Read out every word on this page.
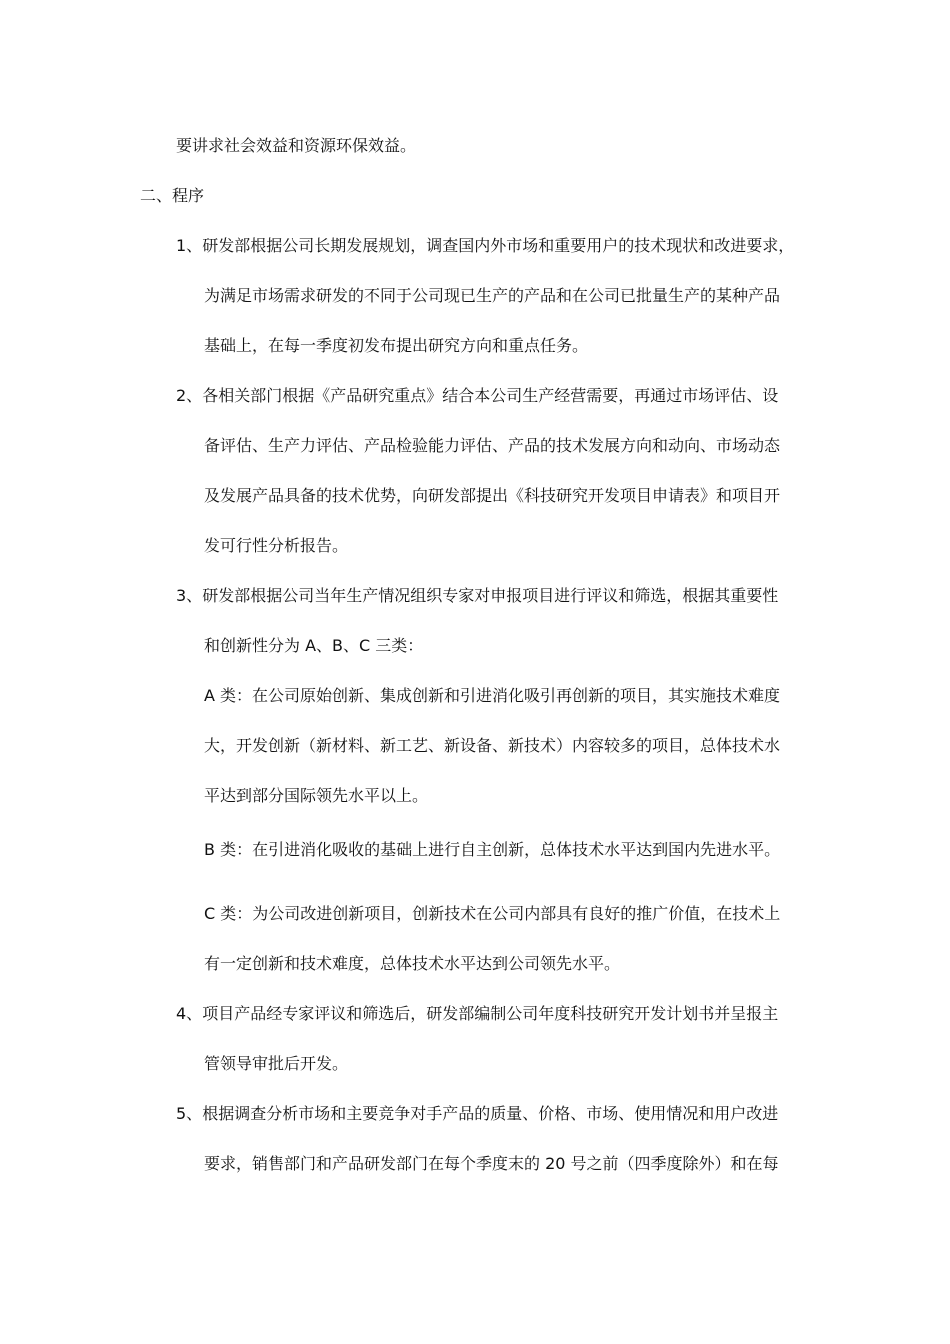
要讲求社会效益和资源环保效益。
二、程序
1、研发部根据公司长期发展规划，调查国内外市场和重要用户的技术现状和改进要求，
为满足市场需求研发的不同于公司现已生产的产品和在公司已批量生产的某种产品
基础上，在每一季度初发布提出研究方向和重点任务。
2、各相关部门根据《产品研究重点》结合本公司生产经营需要，再通过市场评估、设
备评估、生产力评估、产品检验能力评估、产品的技术发展方向和动向、市场动态
及发展产品具备的技术优势，向研发部提出《科技研究开发项目申请表》和项目开
发可行性分析报告。
3、研发部根据公司当年生产情况组织专家对申报项目进行评议和筛选，根据其重要性
和创新性分为 A、B、C 三类：
A 类：在公司原始创新、集成创新和引进消化吸引再创新的项目，其实施技术难度
大，开发创新（新材料、新工艺、新设备、新技术）内容较多的项目，总体技术水
平达到部分国际领先水平以上。
B 类：在引进消化吸收的基础上进行自主创新，总体技术水平达到国内先进水平。
C 类：为公司改进创新项目，创新技术在公司内部具有良好的推广价值，在技术上
有一定创新和技术难度，总体技术水平达到公司领先水平。
4、项目产品经专家评议和筛选后，研发部编制公司年度科技研究开发计划书并呈报主
管领导审批后开发。
5、根据调查分析市场和主要竞争对手产品的质量、价格、市场、使用情况和用户改进
要求，销售部门和产品研发部门在每个季度末的 20 号之前（四季度除外）和在每
